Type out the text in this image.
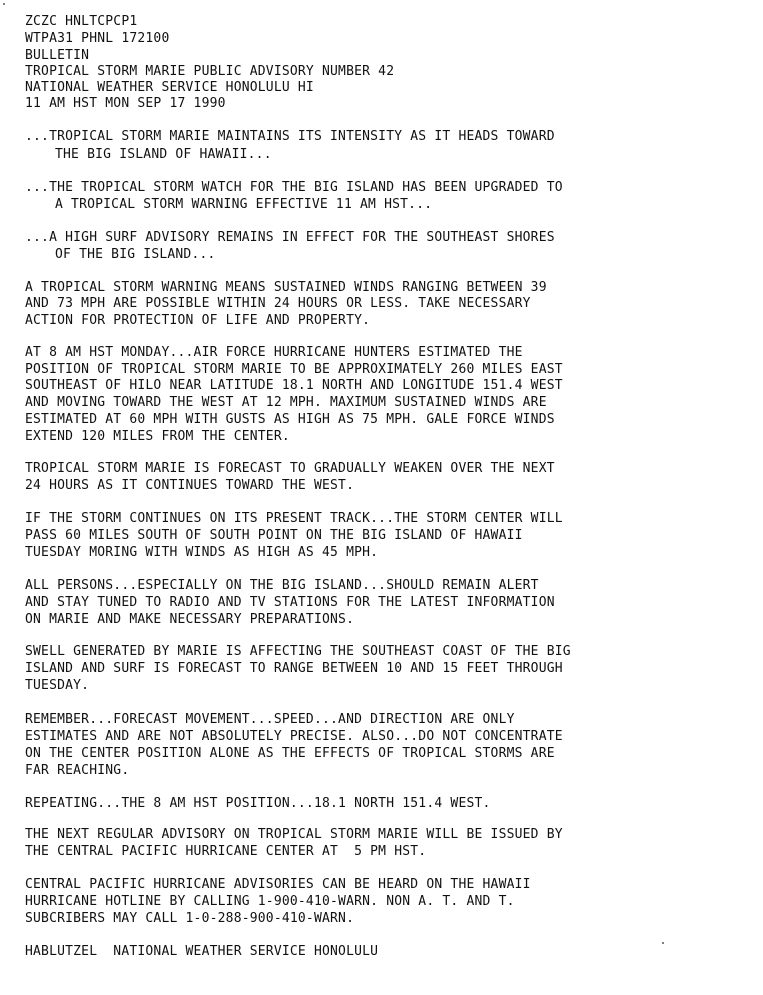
ZCZC HNLTCPCP1
WTPA31 PHNL 172100
BULLETIN
TROPICAL STORM MARIE PUBLIC ADVISORY NUMBER 42
NATIONAL WEATHER SERVICE HONOLULU HI
11 AM HST MON SEP 17 1990
...TROPICAL STORM MARIE MAINTAINS ITS INTENSITY AS IT HEADS TOWARD
THE BIG ISLAND OF HAWAII...
...THE TROPICAL STORM WATCH FOR THE BIG ISLAND HAS BEEN UPGRADED TO
A TROPICAL STORM WARNING EFFECTIVE 11 AM HST...
...A HIGH SURF ADVISORY REMAINS IN EFFECT FOR THE SOUTHEAST SHORES
OF THE BIG ISLAND...
A TROPICAL STORM WARNING MEANS SUSTAINED WINDS RANGING BETWEEN 39
AND 73 MPH ARE POSSIBLE WITHIN 24 HOURS OR LESS. TAKE NECESSARY
ACTION FOR PROTECTION OF LIFE AND PROPERTY.
AT 8 AM HST MONDAY...AIR FORCE HURRICANE HUNTERS ESTIMATED THE
POSITION OF TROPICAL STORM MARIE TO BE APPROXIMATELY 260 MILES EAST
SOUTHEAST OF HILO NEAR LATITUDE 18.1 NORTH AND LONGITUDE 151.4 WEST
AND MOVING TOWARD THE WEST AT 12 MPH. MAXIMUM SUSTAINED WINDS ARE
ESTIMATED AT 60 MPH WITH GUSTS AS HIGH AS 75 MPH. GALE FORCE WINDS
EXTEND 120 MILES FROM THE CENTER.
TROPICAL STORM MARIE IS FORECAST TO GRADUALLY WEAKEN OVER THE NEXT
24 HOURS AS IT CONTINUES TOWARD THE WEST.
IF THE STORM CONTINUES ON ITS PRESENT TRACK...THE STORM CENTER WILL
PASS 60 MILES SOUTH OF SOUTH POINT ON THE BIG ISLAND OF HAWAII
TUESDAY MORING WITH WINDS AS HIGH AS 45 MPH.
ALL PERSONS...ESPECIALLY ON THE BIG ISLAND...SHOULD REMAIN ALERT
AND STAY TUNED TO RADIO AND TV STATIONS FOR THE LATEST INFORMATION
ON MARIE AND MAKE NECESSARY PREPARATIONS.
SWELL GENERATED BY MARIE IS AFFECTING THE SOUTHEAST COAST OF THE BIG
ISLAND AND SURF IS FORECAST TO RANGE BETWEEN 10 AND 15 FEET THROUGH
TUESDAY.
REMEMBER...FORECAST MOVEMENT...SPEED...AND DIRECTION ARE ONLY
ESTIMATES AND ARE NOT ABSOLUTELY PRECISE. ALSO...DO NOT CONCENTRATE
ON THE CENTER POSITION ALONE AS THE EFFECTS OF TROPICAL STORMS ARE
FAR REACHING.
REPEATING...THE 8 AM HST POSITION...18.1 NORTH 151.4 WEST.
THE NEXT REGULAR ADVISORY ON TROPICAL STORM MARIE WILL BE ISSUED BY
THE CENTRAL PACIFIC HURRICANE CENTER AT  5 PM HST.
CENTRAL PACIFIC HURRICANE ADVISORIES CAN BE HEARD ON THE HAWAII
HURRICANE HOTLINE BY CALLING 1-900-410-WARN. NON A. T. AND T.
SUBCRIBERS MAY CALL 1-0-288-900-410-WARN.
HABLUTZEL  NATIONAL WEATHER SERVICE HONOLULU
